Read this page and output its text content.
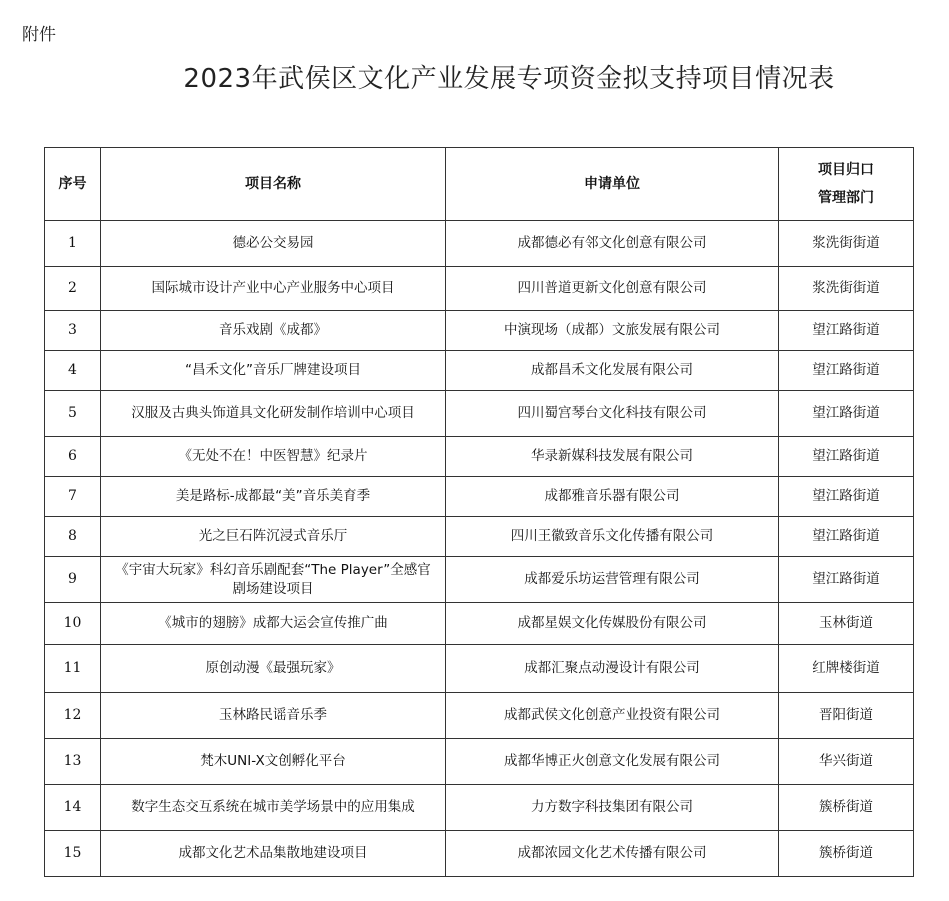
附件
2023年武侯区文化产业发展专项资金拟支持项目情况表
序号	项目名称	申请单位	项目归口
管理部门

1	德必公交易园	成都德必有邻文化创意有限公司	浆洗街街道
2	国际城市设计产业中心产业服务中心项目	四川普道更新文化创意有限公司	浆洗街街道
3	音乐戏剧《成都》	中演现场（成都）文旅发展有限公司	望江路街道
4	“昌禾文化”音乐厂牌建设项目	成都昌禾文化发展有限公司	望江路街道
5	汉服及古典头饰道具文化研发制作培训中心项目	四川蜀宫琴台文化科技有限公司	望江路街道
6	《无处不在！中医智慧》纪录片	华录新媒科技发展有限公司	望江路街道
7	美是路标-成都最“美”音乐美育季	成都雅音乐器有限公司	望江路街道
8	光之巨石阵沉浸式音乐厅	四川王徽致音乐文化传播有限公司	望江路街道
9	《宇宙大玩家》科幻音乐剧配套“The Player”全感官剧场建设项目	成都爱乐坊运营管理有限公司	望江路街道
10	《城市的翅膀》成都大运会宣传推广曲	成都星娱文化传媒股份有限公司	玉林街道
11	原创动漫《最强玩家》	成都汇聚点动漫设计有限公司	红牌楼街道
12	玉林路民谣音乐季	成都武侯文化创意产业投资有限公司	晋阳街道
13	梵木UNI-X文创孵化平台	成都华博正火创意文化发展有限公司	华兴街道
14	数字生态交互系统在城市美学场景中的应用集成	力方数字科技集团有限公司	簇桥街道
15	成都文化艺术品集散地建设项目	成都浓园文化艺术传播有限公司	簇桥街道
